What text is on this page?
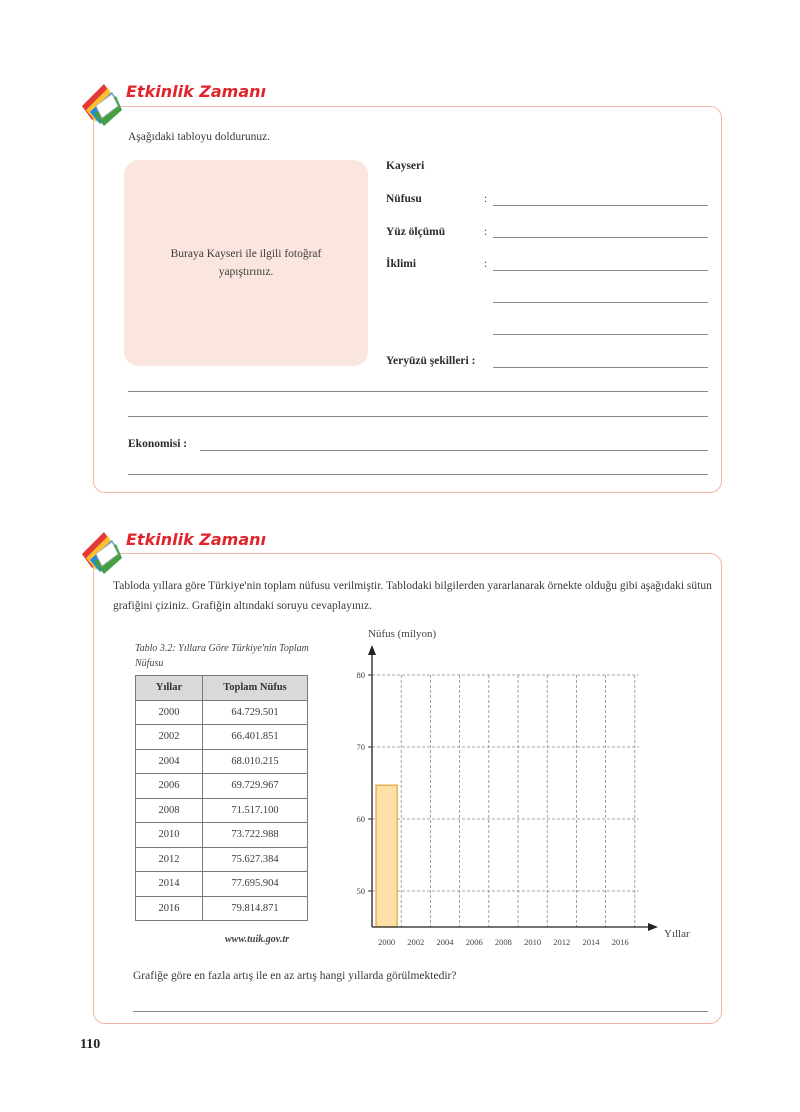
Etkinlik Zamanı
Aşağıdaki tabloyu doldurunuz.
Buraya Kayseri ile ilgili fotoğraf yapıştırınız.
Kayseri
Nüfusu	:
Yüz ölçümü	:
İklimi	:
Yeryüzü şekilleri :
Ekonomisi :
Etkinlik Zamanı
Tabloda yıllara göre Türkiye'nin toplam nüfusu verilmiştir. Tablodaki bilgilerden yararlanarak örnekte olduğu gibi aşağıdaki sütun grafiğini çiziniz. Grafiğin altındaki soruyu cevaplayınız.
Tablo 3.2: Yıllara Göre Türkiye'nin Toplam Nüfusu
Yıllar	Toplam Nüfus
2000	64.729.501
2002	66.401.851
2004	68.010.215
2006	69.729.967
2008	71.517.100
2010	73.722.988
2012	75.627.384
2014	77.695.904
2016	79.814.871
www.tuik.gov.tr
50
60
70
80
2000 2002 2004 2006 2008 2010 2012 2014 2016
Nüfus (milyon)
Yıllar
Grafiğe göre en fazla artış ile en az artış hangi yıllarda görülmektedir?
110
